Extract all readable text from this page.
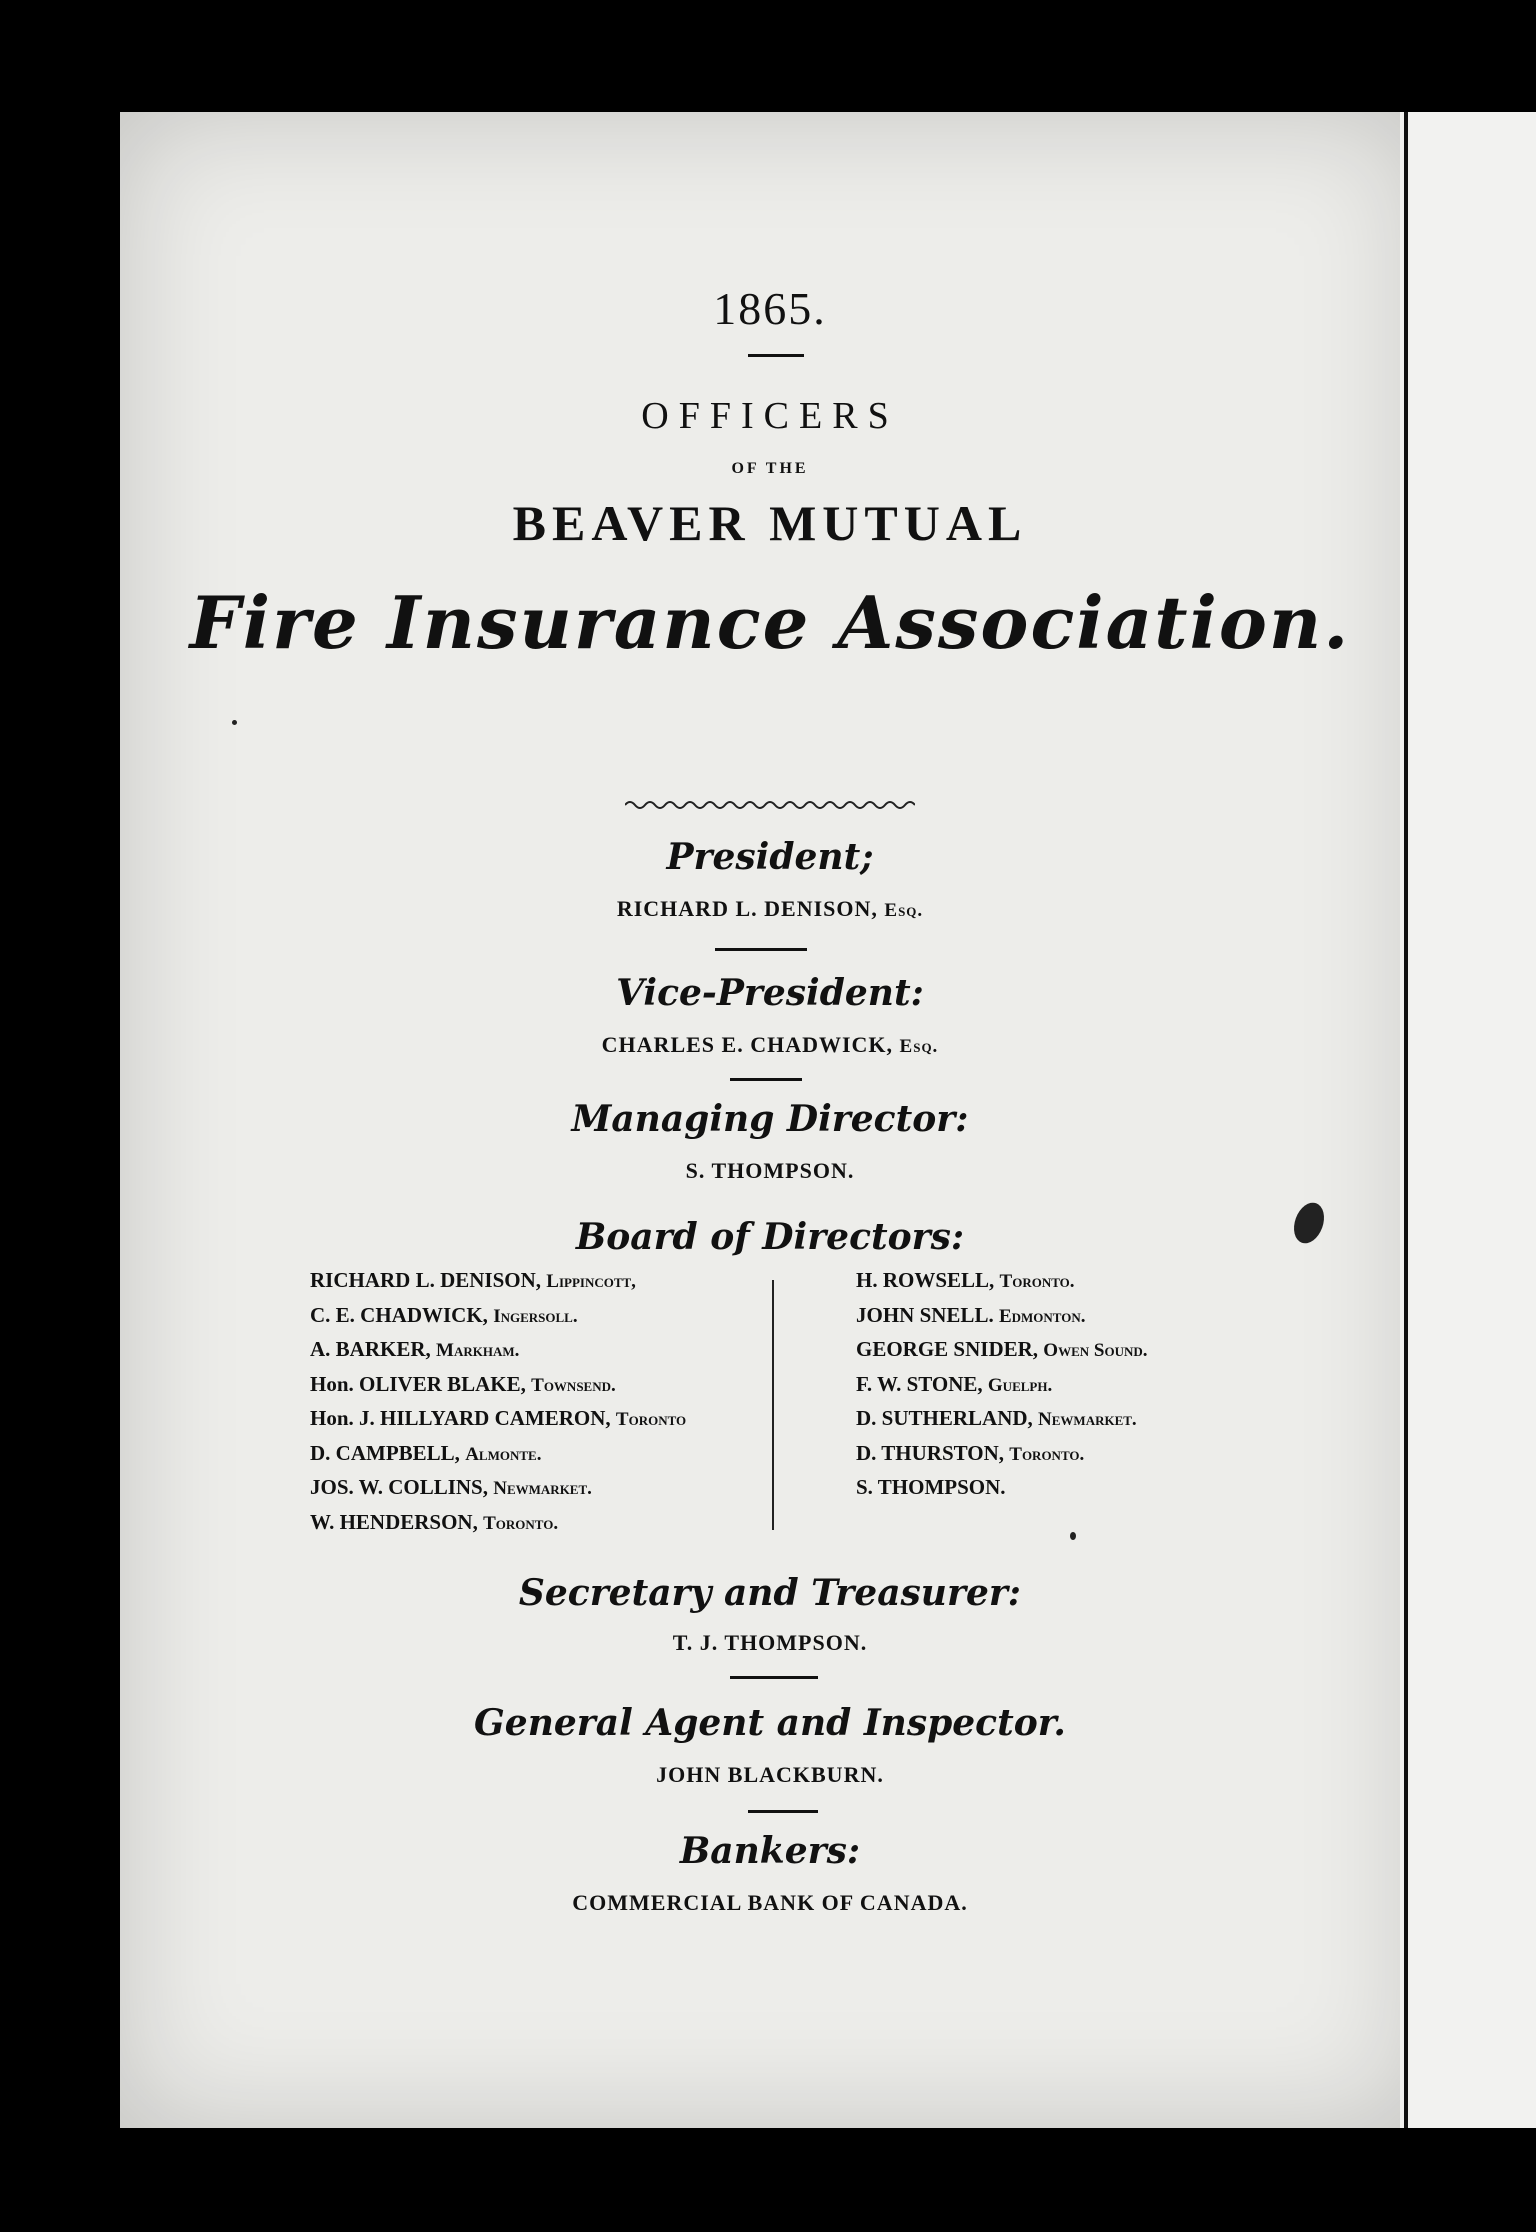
1865.
OFFICERS
OF THE
BEAVER MUTUAL
Fire Insurance Association.
President;
RICHARD L. DENISON, Esq.
Vice-President:
CHARLES E. CHADWICK, Esq.
Managing Director:
S. THOMPSON.
Board of Directors:
RICHARD L. DENISON, Lippincott,
C. E. CHADWICK, Ingersoll.
A. BARKER, Markham.
Hon. OLIVER BLAKE, Townsend.
Hon. J. HILLYARD CAMERON, Toronto
D. CAMPBELL, Almonte.
JOS. W. COLLINS, Newmarket.
W. HENDERSON, Toronto.
H. ROWSELL, Toronto.
JOHN SNELL. Edmonton.
GEORGE SNIDER, Owen Sound.
F. W. STONE, Guelph.
D. SUTHERLAND, Newmarket.
D. THURSTON, Toronto.
S. THOMPSON.
Secretary and Treasurer:
T. J. THOMPSON.
General Agent and Inspector.
JOHN BLACKBURN.
Bankers:
COMMERCIAL BANK OF CANADA.
